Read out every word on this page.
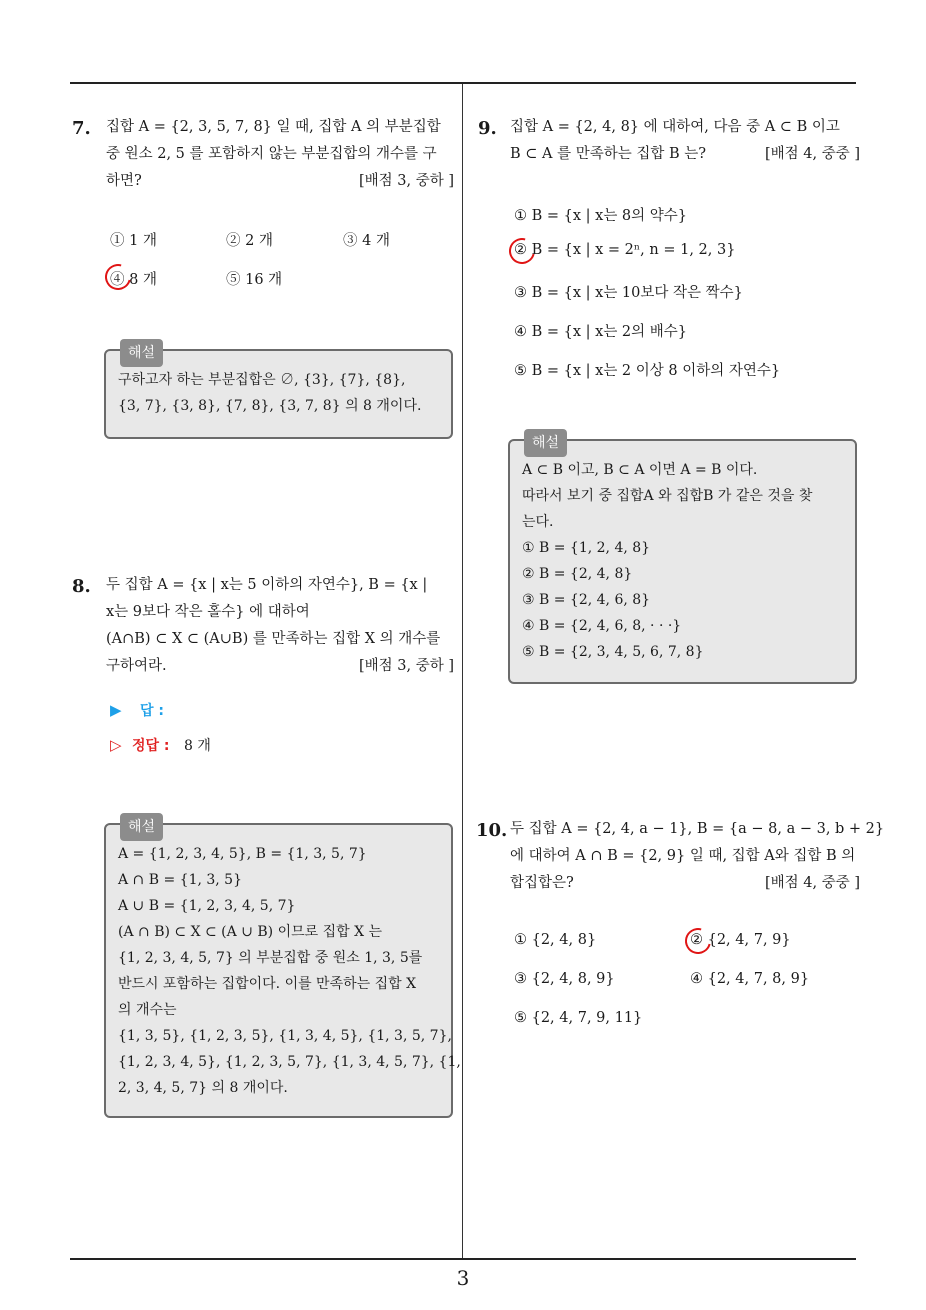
7. 집합 A = {2, 3, 5, 7, 8} 일 때, 집합 A 의 부분집합
중 원소 2, 5 를 포함하지 않는 부분집합의 개수를 구
하면?	[배점 3, 중하 ]
① 1 개	② 2 개	③ 4 개
④ 8 개	⑤ 16 개
해설
구하고자 하는 부분집합은 ∅, {3}, {7}, {8},
{3, 7}, {3, 8}, {7, 8}, {3, 7, 8} 의 8 개이다.
8. 두 집합 A = {x | x는 5 이하의 자연수}, B = {x |
x는 9보다 작은 홀수} 에 대하여
(A∩B) ⊂ X ⊂ (A∪B) 를 만족하는 집합 X 의 개수를
구하여라.	[배점 3, 중하 ]
▶ 답 :
▷ 정답 : 8 개
해설
A = {1, 2, 3, 4, 5}, B = {1, 3, 5, 7}
A ∩ B = {1, 3, 5}
A ∪ B = {1, 2, 3, 4, 5, 7}
(A ∩ B) ⊂ X ⊂ (A ∪ B) 이므로 집합 X 는
{1, 2, 3, 4, 5, 7} 의 부분집합 중 원소 1, 3, 5를
반드시 포함하는 집합이다. 이를 만족하는 집합 X
의 개수는
{1, 3, 5}, {1, 2, 3, 5}, {1, 3, 4, 5}, {1, 3, 5, 7},
{1, 2, 3, 4, 5}, {1, 2, 3, 5, 7}, {1, 3, 4, 5, 7}, {1,
2, 3, 4, 5, 7} 의 8 개이다.
9. 집합 A = {2, 4, 8} 에 대하여, 다음 중 A ⊂ B 이고
B ⊂ A 를 만족하는 집합 B 는?	[배점 4, 중중 ]
① B = {x | x는 8의 약수}
② B = {x | x = 2ⁿ, n = 1, 2, 3}
③ B = {x | x는 10보다 작은 짝수}
④ B = {x | x는 2의 배수}
⑤ B = {x | x는 2 이상 8 이하의 자연수}
해설
A ⊂ B 이고, B ⊂ A 이면 A = B 이다.
따라서 보기 중 집합A 와 집합B 가 같은 것을 찾
는다.
① B = {1, 2, 4, 8}
② B = {2, 4, 8}
③ B = {2, 4, 6, 8}
④ B = {2, 4, 6, 8, · · ·}
⑤ B = {2, 3, 4, 5, 6, 7, 8}
10. 두 집합 A = {2, 4, a − 1}, B = {a − 8, a − 3, b + 2}
에 대하여 A ∩ B = {2, 9} 일 때, 집합 A와 집합 B 의
합집합은?	[배점 4, 중중 ]
① {2, 4, 8}	② {2, 4, 7, 9}
③ {2, 4, 8, 9}	④ {2, 4, 7, 8, 9}
⑤ {2, 4, 7, 9, 11}
3
